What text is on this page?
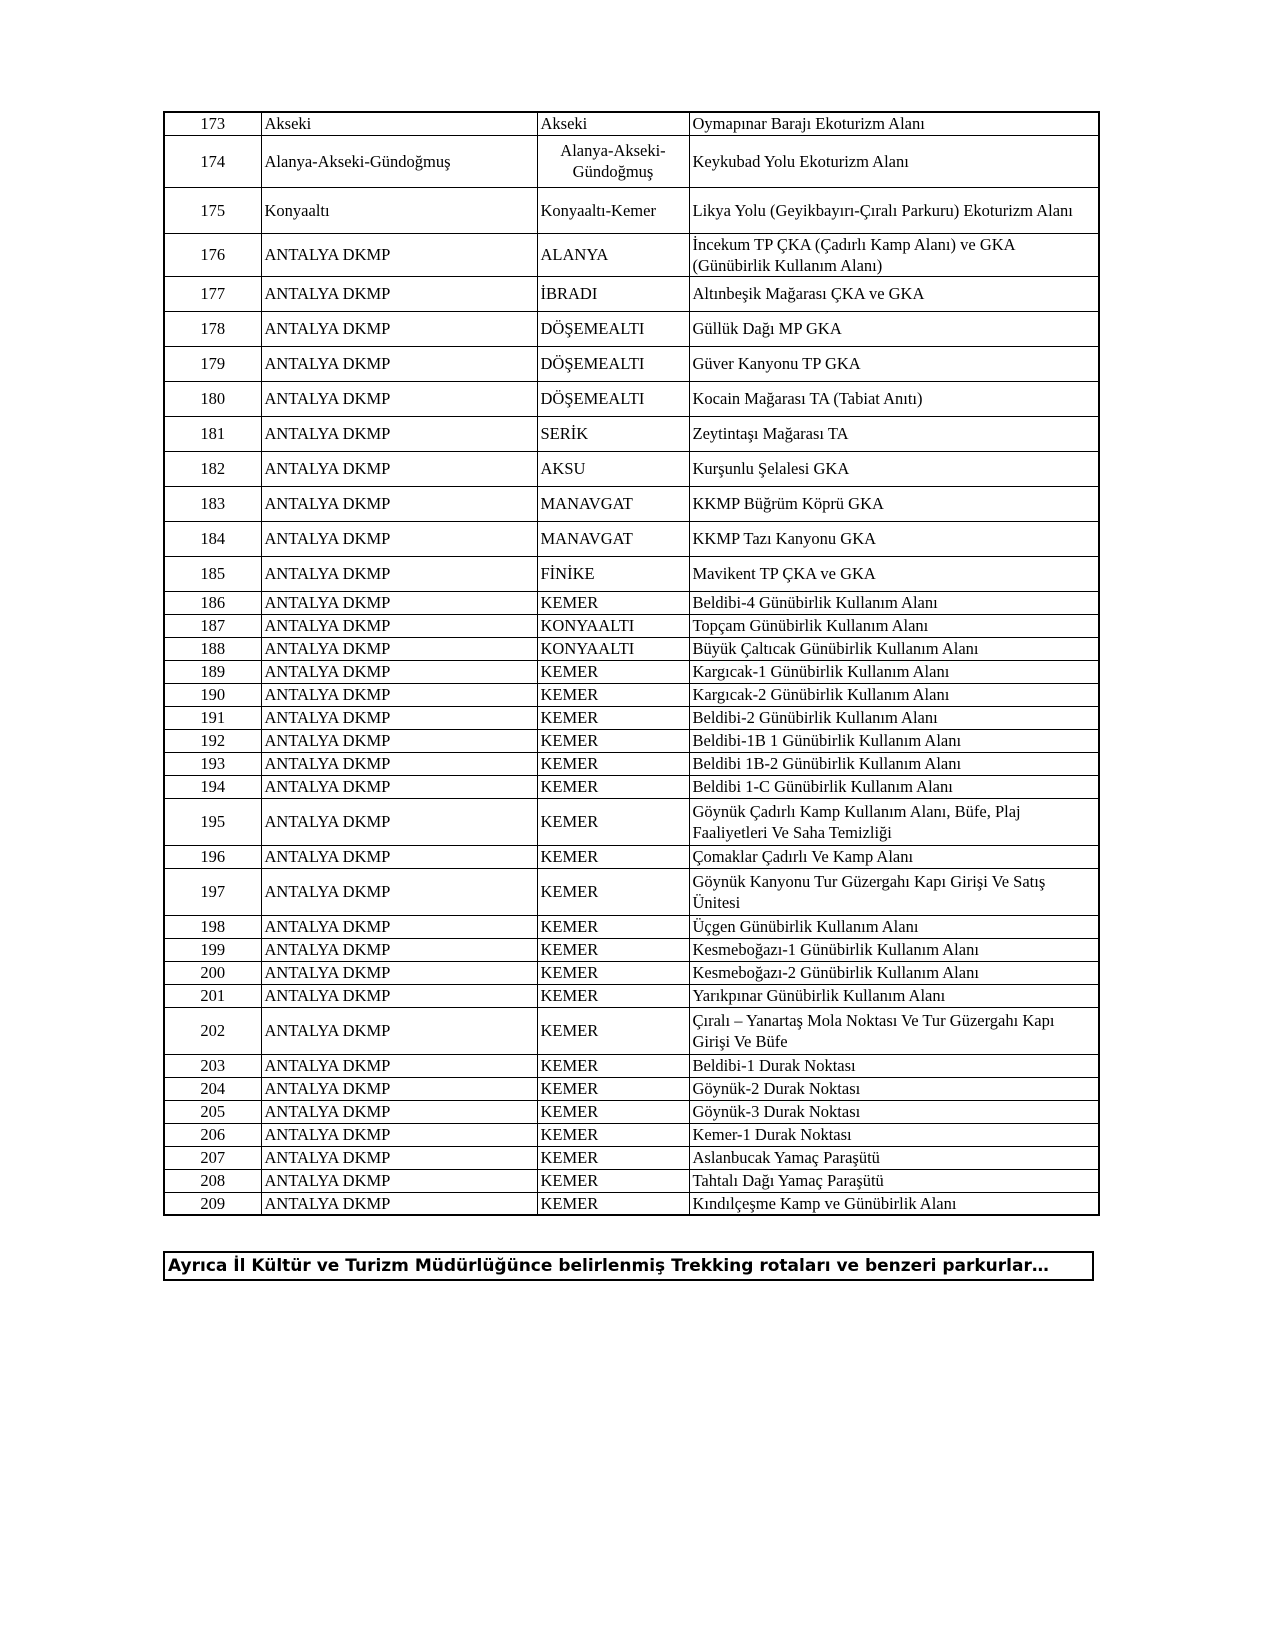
173	Akseki	Akseki	Oymapınar Barajı Ekoturizm Alanı
174	Alanya-Akseki-Gündoğmuş	Alanya-Akseki-Gündoğmuş	Keykubad Yolu Ekoturizm Alanı
175	Konyaaltı	Konyaaltı-Kemer	Likya Yolu (Geyikbayırı-Çıralı Parkuru) Ekoturizm Alanı
176	ANTALYA DKMP	ALANYA	İncekum TP ÇKA (Çadırlı Kamp Alanı) ve GKA (Günübirlik Kullanım Alanı)
177	ANTALYA DKMP	İBRADI	Altınbeşik Mağarası ÇKA ve GKA
178	ANTALYA DKMP	DÖŞEMEALTI	Güllük Dağı MP GKA
179	ANTALYA DKMP	DÖŞEMEALTI	Güver Kanyonu TP GKA
180	ANTALYA DKMP	DÖŞEMEALTI	Kocain Mağarası TA (Tabiat Anıtı)
181	ANTALYA DKMP	SERİK	Zeytintaşı Mağarası TA
182	ANTALYA DKMP	AKSU	Kurşunlu Şelalesi GKA
183	ANTALYA DKMP	MANAVGAT	KKMP Büğrüm Köprü GKA
184	ANTALYA DKMP	MANAVGAT	KKMP Tazı Kanyonu GKA
185	ANTALYA DKMP	FİNİKE	Mavikent TP ÇKA ve GKA
186	ANTALYA DKMP	KEMER	Beldibi-4 Günübirlik Kullanım Alanı
187	ANTALYA DKMP	KONYAALTI	Topçam Günübirlik Kullanım Alanı
188	ANTALYA DKMP	KONYAALTI	Büyük Çaltıcak Günübirlik Kullanım Alanı
189	ANTALYA DKMP	KEMER	Kargıcak-1 Günübirlik Kullanım Alanı
190	ANTALYA DKMP	KEMER	Kargıcak-2 Günübirlik Kullanım Alanı
191	ANTALYA DKMP	KEMER	Beldibi-2 Günübirlik Kullanım Alanı
192	ANTALYA DKMP	KEMER	Beldibi-1B 1 Günübirlik Kullanım Alanı
193	ANTALYA DKMP	KEMER	Beldibi 1B-2 Günübirlik Kullanım Alanı
194	ANTALYA DKMP	KEMER	Beldibi 1-C Günübirlik Kullanım Alanı
195	ANTALYA DKMP	KEMER	Göynük Çadırlı Kamp Kullanım Alanı, Büfe, Plaj Faaliyetleri Ve Saha Temizliği
196	ANTALYA DKMP	KEMER	Çomaklar Çadırlı Ve Kamp Alanı
197	ANTALYA DKMP	KEMER	Göynük Kanyonu Tur Güzergahı Kapı Girişi Ve Satış Ünitesi
198	ANTALYA DKMP	KEMER	Üçgen Günübirlik Kullanım Alanı
199	ANTALYA DKMP	KEMER	Kesmeboğazı-1 Günübirlik Kullanım Alanı
200	ANTALYA DKMP	KEMER	Kesmeboğazı-2 Günübirlik Kullanım Alanı
201	ANTALYA DKMP	KEMER	Yarıkpınar Günübirlik Kullanım Alanı
202	ANTALYA DKMP	KEMER	Çıralı – Yanartaş Mola Noktası Ve Tur Güzergahı Kapı Girişi Ve Büfe
203	ANTALYA DKMP	KEMER	Beldibi-1 Durak Noktası
204	ANTALYA DKMP	KEMER	Göynük-2 Durak Noktası
205	ANTALYA DKMP	KEMER	Göynük-3 Durak Noktası
206	ANTALYA DKMP	KEMER	Kemer-1 Durak Noktası
207	ANTALYA DKMP	KEMER	Aslanbucak Yamaç Paraşütü
208	ANTALYA DKMP	KEMER	Tahtalı Dağı Yamaç Paraşütü
209	ANTALYA DKMP	KEMER	Kındılçeşme Kamp ve Günübirlik Alanı
Ayrıca İl Kültür ve Turizm Müdürlüğünce belirlenmiş Trekking rotaları ve benzeri parkurlar…
